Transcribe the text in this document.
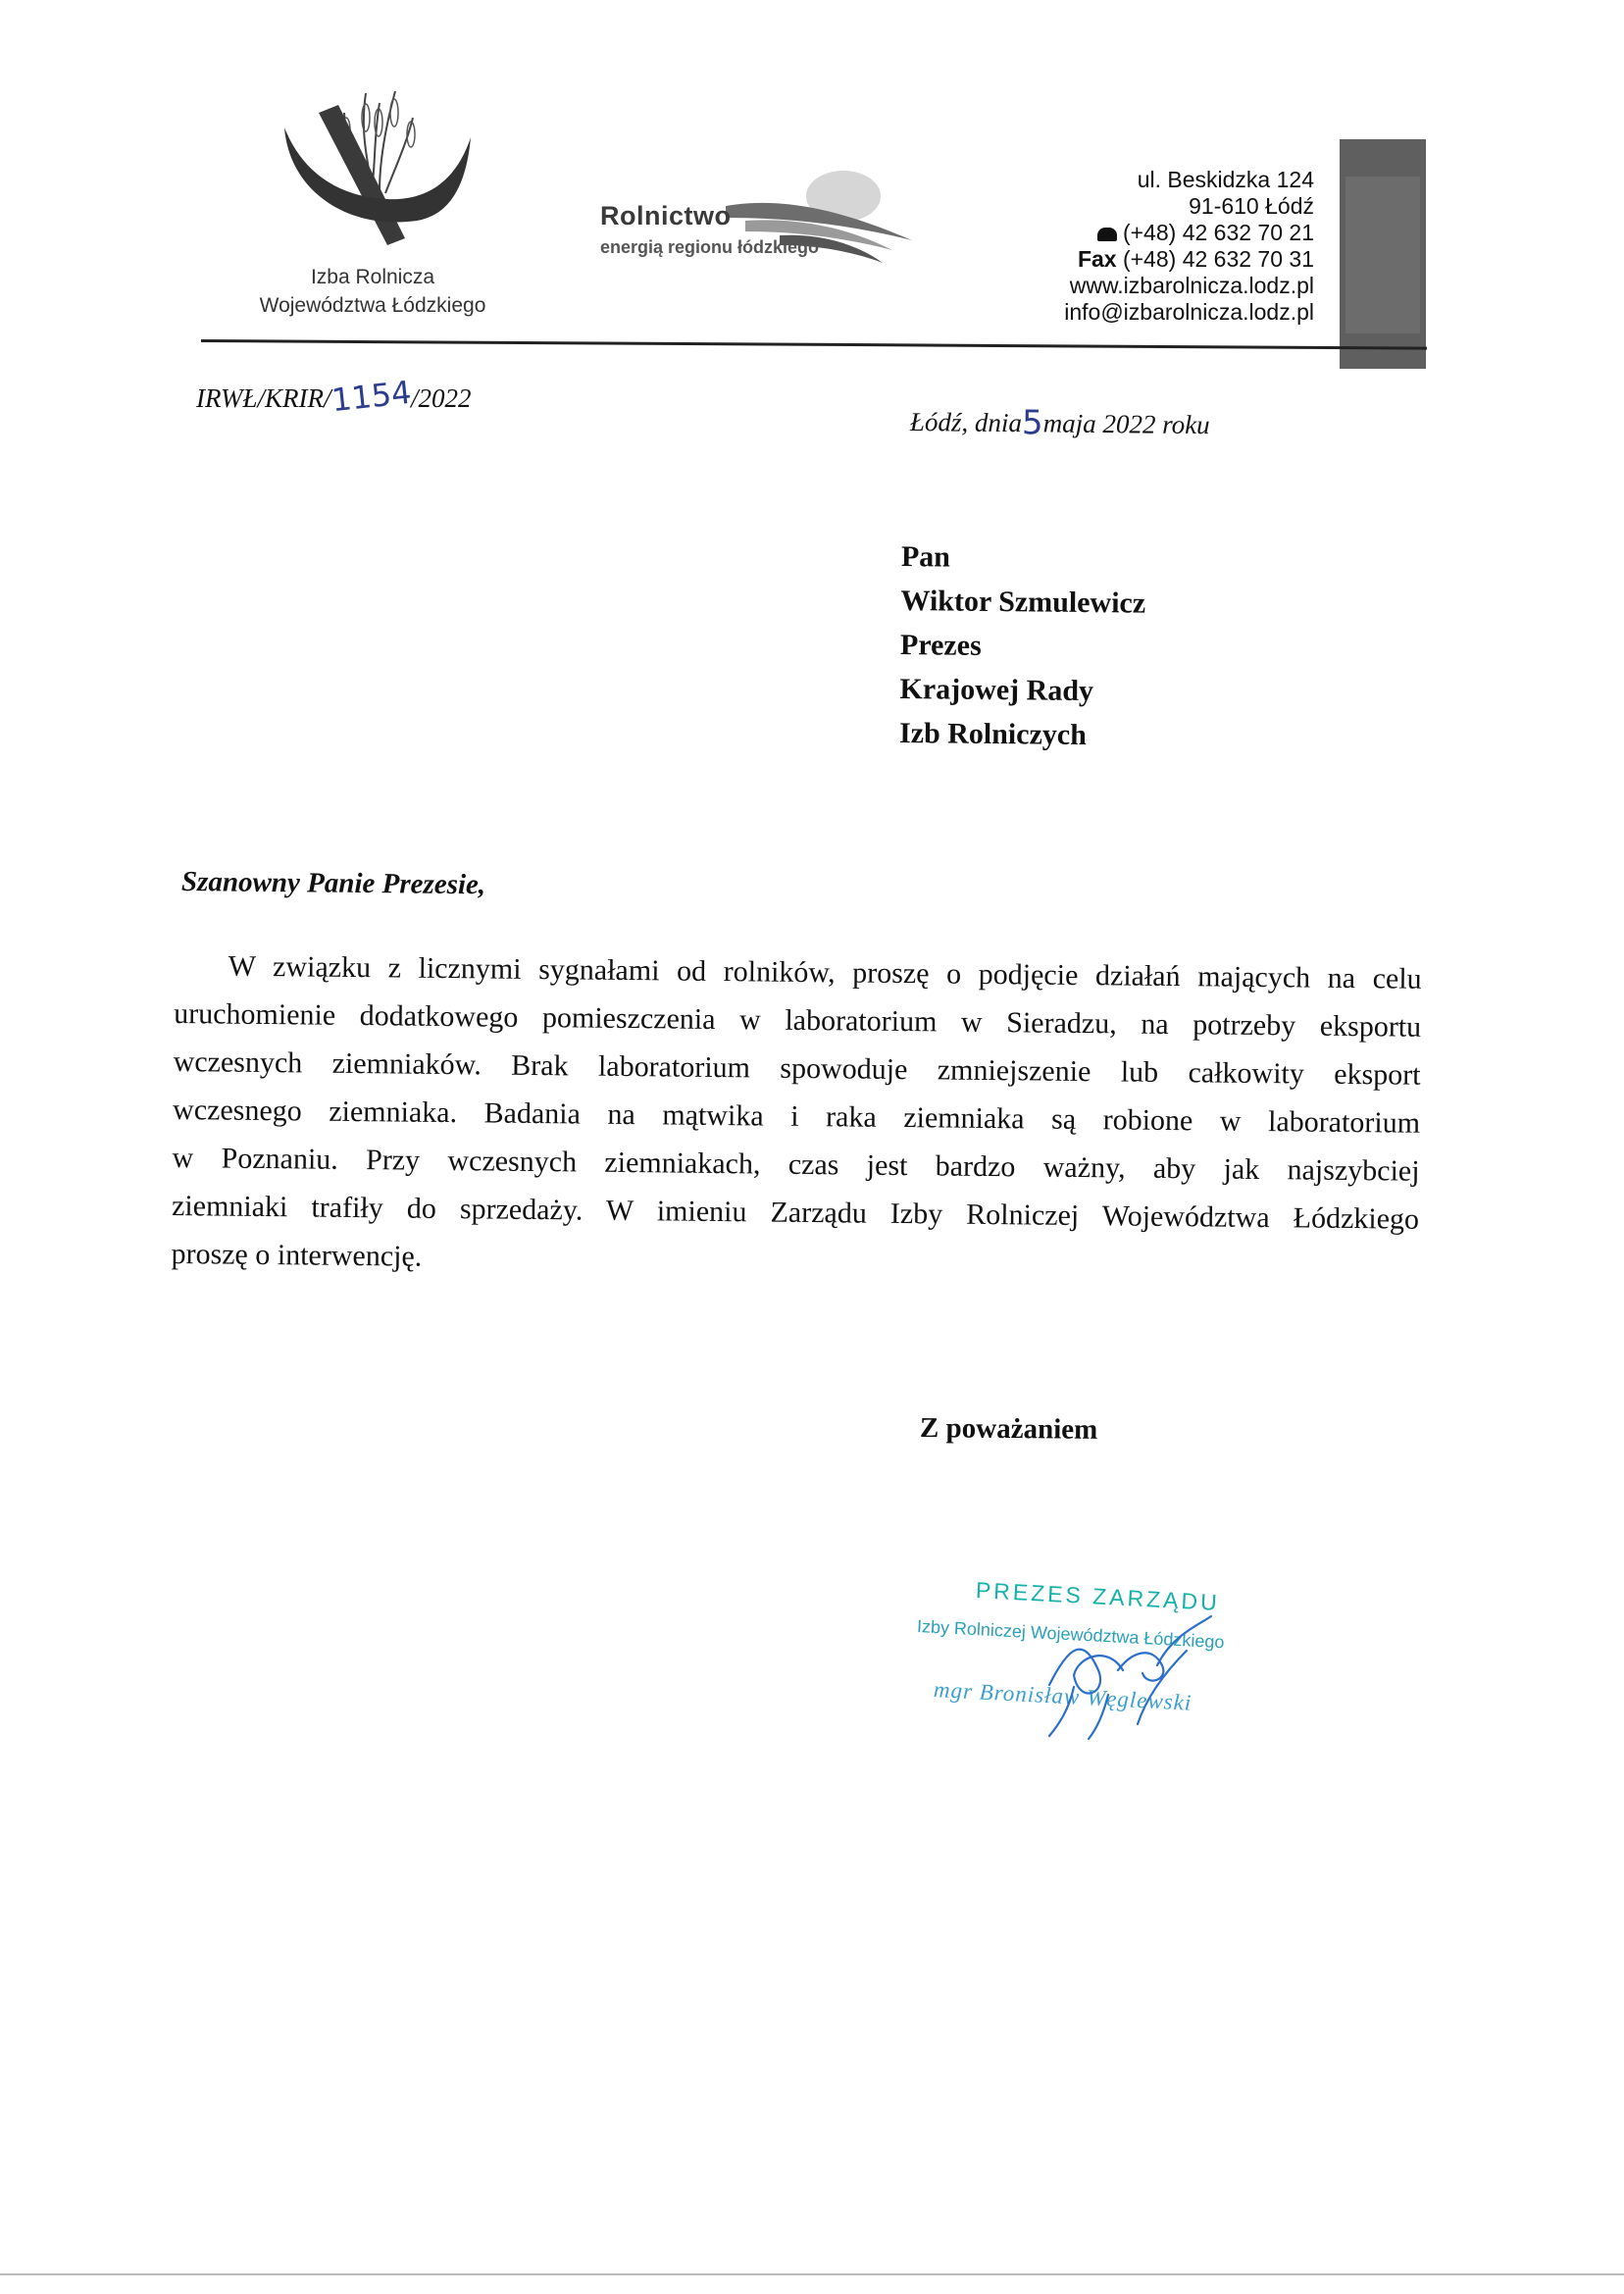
Izba Rolnicza
Województwa Łódzkiego
Rolnictwo
energią regionu łódzkiego
ul. Beskidzka 124
91-610 Łódź
(+48) 42 632 70 21
Fax (+48) 42 632 70 31
www.izbarolnicza.lodz.pl
info@izbarolnicza.lodz.pl
IRWŁ/KRIR/1154/2022
Łódź, dnia5maja 2022 roku
Pan
Wiktor Szmulewicz
Prezes
Krajowej Rady
Izb Rolniczych
Szanowny Panie Prezesie,
W związku z licznymi sygnałami od rolników, proszę o podjęcie działań mających na celu
uruchomienie dodatkowego pomieszczenia w laboratorium w Sieradzu, na potrzeby eksportu
wczesnych ziemniaków. Brak laboratorium spowoduje zmniejszenie lub całkowity eksport
wczesnego ziemniaka. Badania na mątwika i raka ziemniaka są robione w laboratorium
w Poznaniu. Przy wczesnych ziemniakach, czas jest bardzo ważny, aby jak najszybciej
ziemniaki trafiły do sprzedaży. W imieniu Zarządu Izby Rolniczej Województwa Łódzkiego
proszę o interwencję.
Z poważaniem
PREZES ZARZĄDU
Izby Rolniczej Województwa Łódzkiego
mgr Bronisław Węglewski
